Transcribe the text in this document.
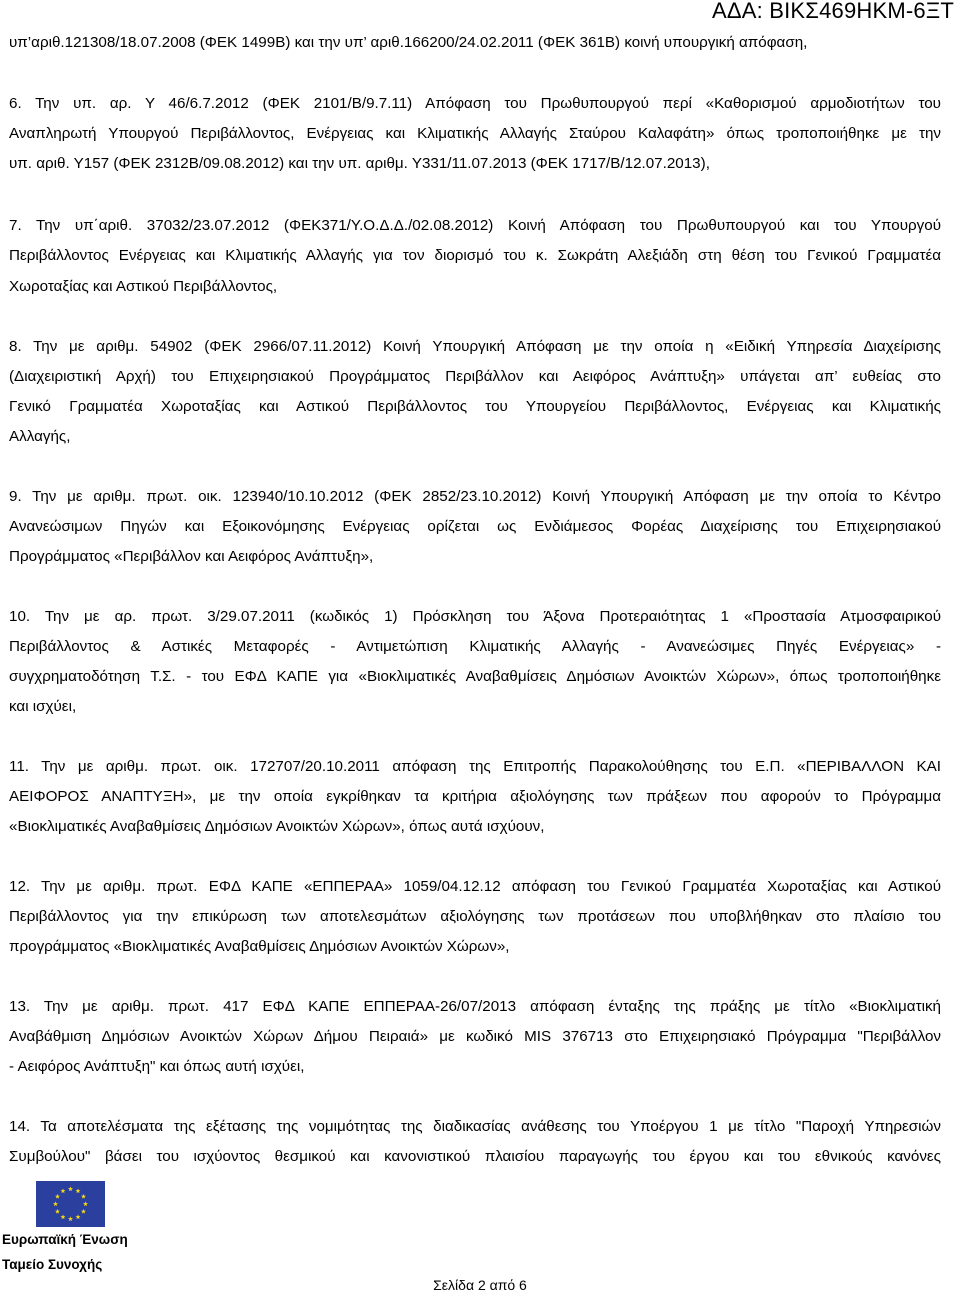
ΑΔΑ: ΒΙΚΣ469ΗΚΜ-6ΞΤ
υπ’αριθ.121308/18.07.2008 (ΦΕΚ 1499Β) και την υπ’ αριθ.166200/24.02.2011 (ΦΕΚ 361Β) κοινή υπουργική απόφαση,
6. Την υπ. αρ. Υ 46/6.7.2012 (ΦΕΚ 2101/Β/9.7.11) Απόφαση του Πρωθυπουργού περί «Καθορισμού αρμοδιοτήτων του
Αναπληρωτή Υπουργού Περιβάλλοντος, Ενέργειας και Κλιματικής Αλλαγής Σταύρου Καλαφάτη» όπως τροποποιήθηκε με την
υπ. αριθ. Υ157 (ΦΕΚ 2312Β/09.08.2012) και την υπ. αριθμ. Υ331/11.07.2013 (ΦΕΚ 1717/Β/12.07.2013),
7. Την υπ΄αριθ. 37032/23.07.2012 (ΦΕΚ371/Υ.Ο.Δ.Δ./02.08.2012) Κοινή Απόφαση του Πρωθυπουργού και του Υπουργού
Περιβάλλοντος Ενέργειας και Κλιματικής Αλλαγής για τον διορισμό του κ. Σωκράτη Αλεξιάδη στη θέση του Γενικού Γραμματέα
Χωροταξίας και Αστικού Περιβάλλοντος,
8. Την με αριθμ. 54902 (ΦΕΚ 2966/07.11.2012) Κοινή Υπουργική Απόφαση με την οποία η «Ειδική Υπηρεσία Διαχείρισης
(Διαχειριστική Αρχή) του Επιχειρησιακού Προγράμματος Περιβάλλον και Αειφόρος Ανάπτυξη» υπάγεται απ’ ευθείας στο
Γενικό Γραμματέα Χωροταξίας και Αστικού Περιβάλλοντος του Υπουργείου Περιβάλλοντος, Ενέργειας και Κλιματικής
Αλλαγής,
9. Την με αριθμ. πρωτ. οικ. 123940/10.10.2012 (ΦΕΚ 2852/23.10.2012) Κοινή Υπουργική Απόφαση με την οποία το Κέντρο
Ανανεώσιμων Πηγών και Εξοικονόμησης Ενέργειας ορίζεται ως Ενδιάμεσος Φορέας Διαχείρισης του Επιχειρησιακού
Προγράμματος «Περιβάλλον και Αειφόρος Ανάπτυξη»,
10. Την με αρ. πρωτ. 3/29.07.2011 (κωδικός 1) Πρόσκληση του Άξονα Προτεραιότητας 1 «Προστασία Ατμοσφαιρικού
Περιβάλλοντος & Αστικές Μεταφορές - Αντιμετώπιση Κλιματικής Αλλαγής - Ανανεώσιμες Πηγές Ενέργειας» -
συγχρηματοδότηση Τ.Σ. - του ΕΦΔ ΚΑΠΕ για «Βιοκλιματικές Αναβαθμίσεις Δημόσιων Ανοικτών Χώρων», όπως τροποποιήθηκε
και ισχύει,
11. Την με αριθμ. πρωτ. οικ. 172707/20.10.2011 απόφαση της Επιτροπής Παρακολούθησης του Ε.Π. «ΠΕΡΙΒΑΛΛΟΝ ΚΑΙ
ΑΕΙΦΟΡΟΣ ΑΝΑΠΤΥΞΗ», με την οποία εγκρίθηκαν τα κριτήρια αξιολόγησης των πράξεων που αφορούν το Πρόγραμμα
«Βιοκλιματικές Αναβαθμίσεις Δημόσιων Ανοικτών Χώρων», όπως αυτά ισχύουν,
12. Την με αριθμ. πρωτ. ΕΦΔ ΚΑΠΕ «ΕΠΠΕΡΑΑ» 1059/04.12.12 απόφαση του Γενικού Γραμματέα Χωροταξίας και Αστικού
Περιβάλλοντος για την επικύρωση των αποτελεσμάτων αξιολόγησης των προτάσεων που υποβλήθηκαν στο πλαίσιο του
προγράμματος «Βιοκλιματικές Αναβαθμίσεις Δημόσιων Ανοικτών Χώρων»,
13. Την με αριθμ. πρωτ. 417 ΕΦΔ ΚΑΠΕ ΕΠΠΕΡΑΑ-26/07/2013 απόφαση ένταξης της πράξης με τίτλο «Βιοκλιματική
Αναβάθμιση Δημόσιων Ανοικτών Χώρων Δήμου Πειραιά» με κωδικό MIS 376713 στο Επιχειρησιακό Πρόγραμμα "Περιβάλλον
- Αειφόρος Ανάπτυξη" και όπως αυτή ισχύει,
14. Τα αποτελέσματα της εξέτασης της νομιμότητας της διαδικασίας ανάθεσης του Υποέργου 1 με τίτλο "Παροχή Υπηρεσιών
Συμβούλου" βάσει του ισχύοντος θεσμικού και κανονιστικού πλαισίου παραγωγής του έργου και του εθνικούς κανόνες
Ευρωπαϊκή Ένωση
Ταμείο Συνοχής
Σελίδα 2 από 6
